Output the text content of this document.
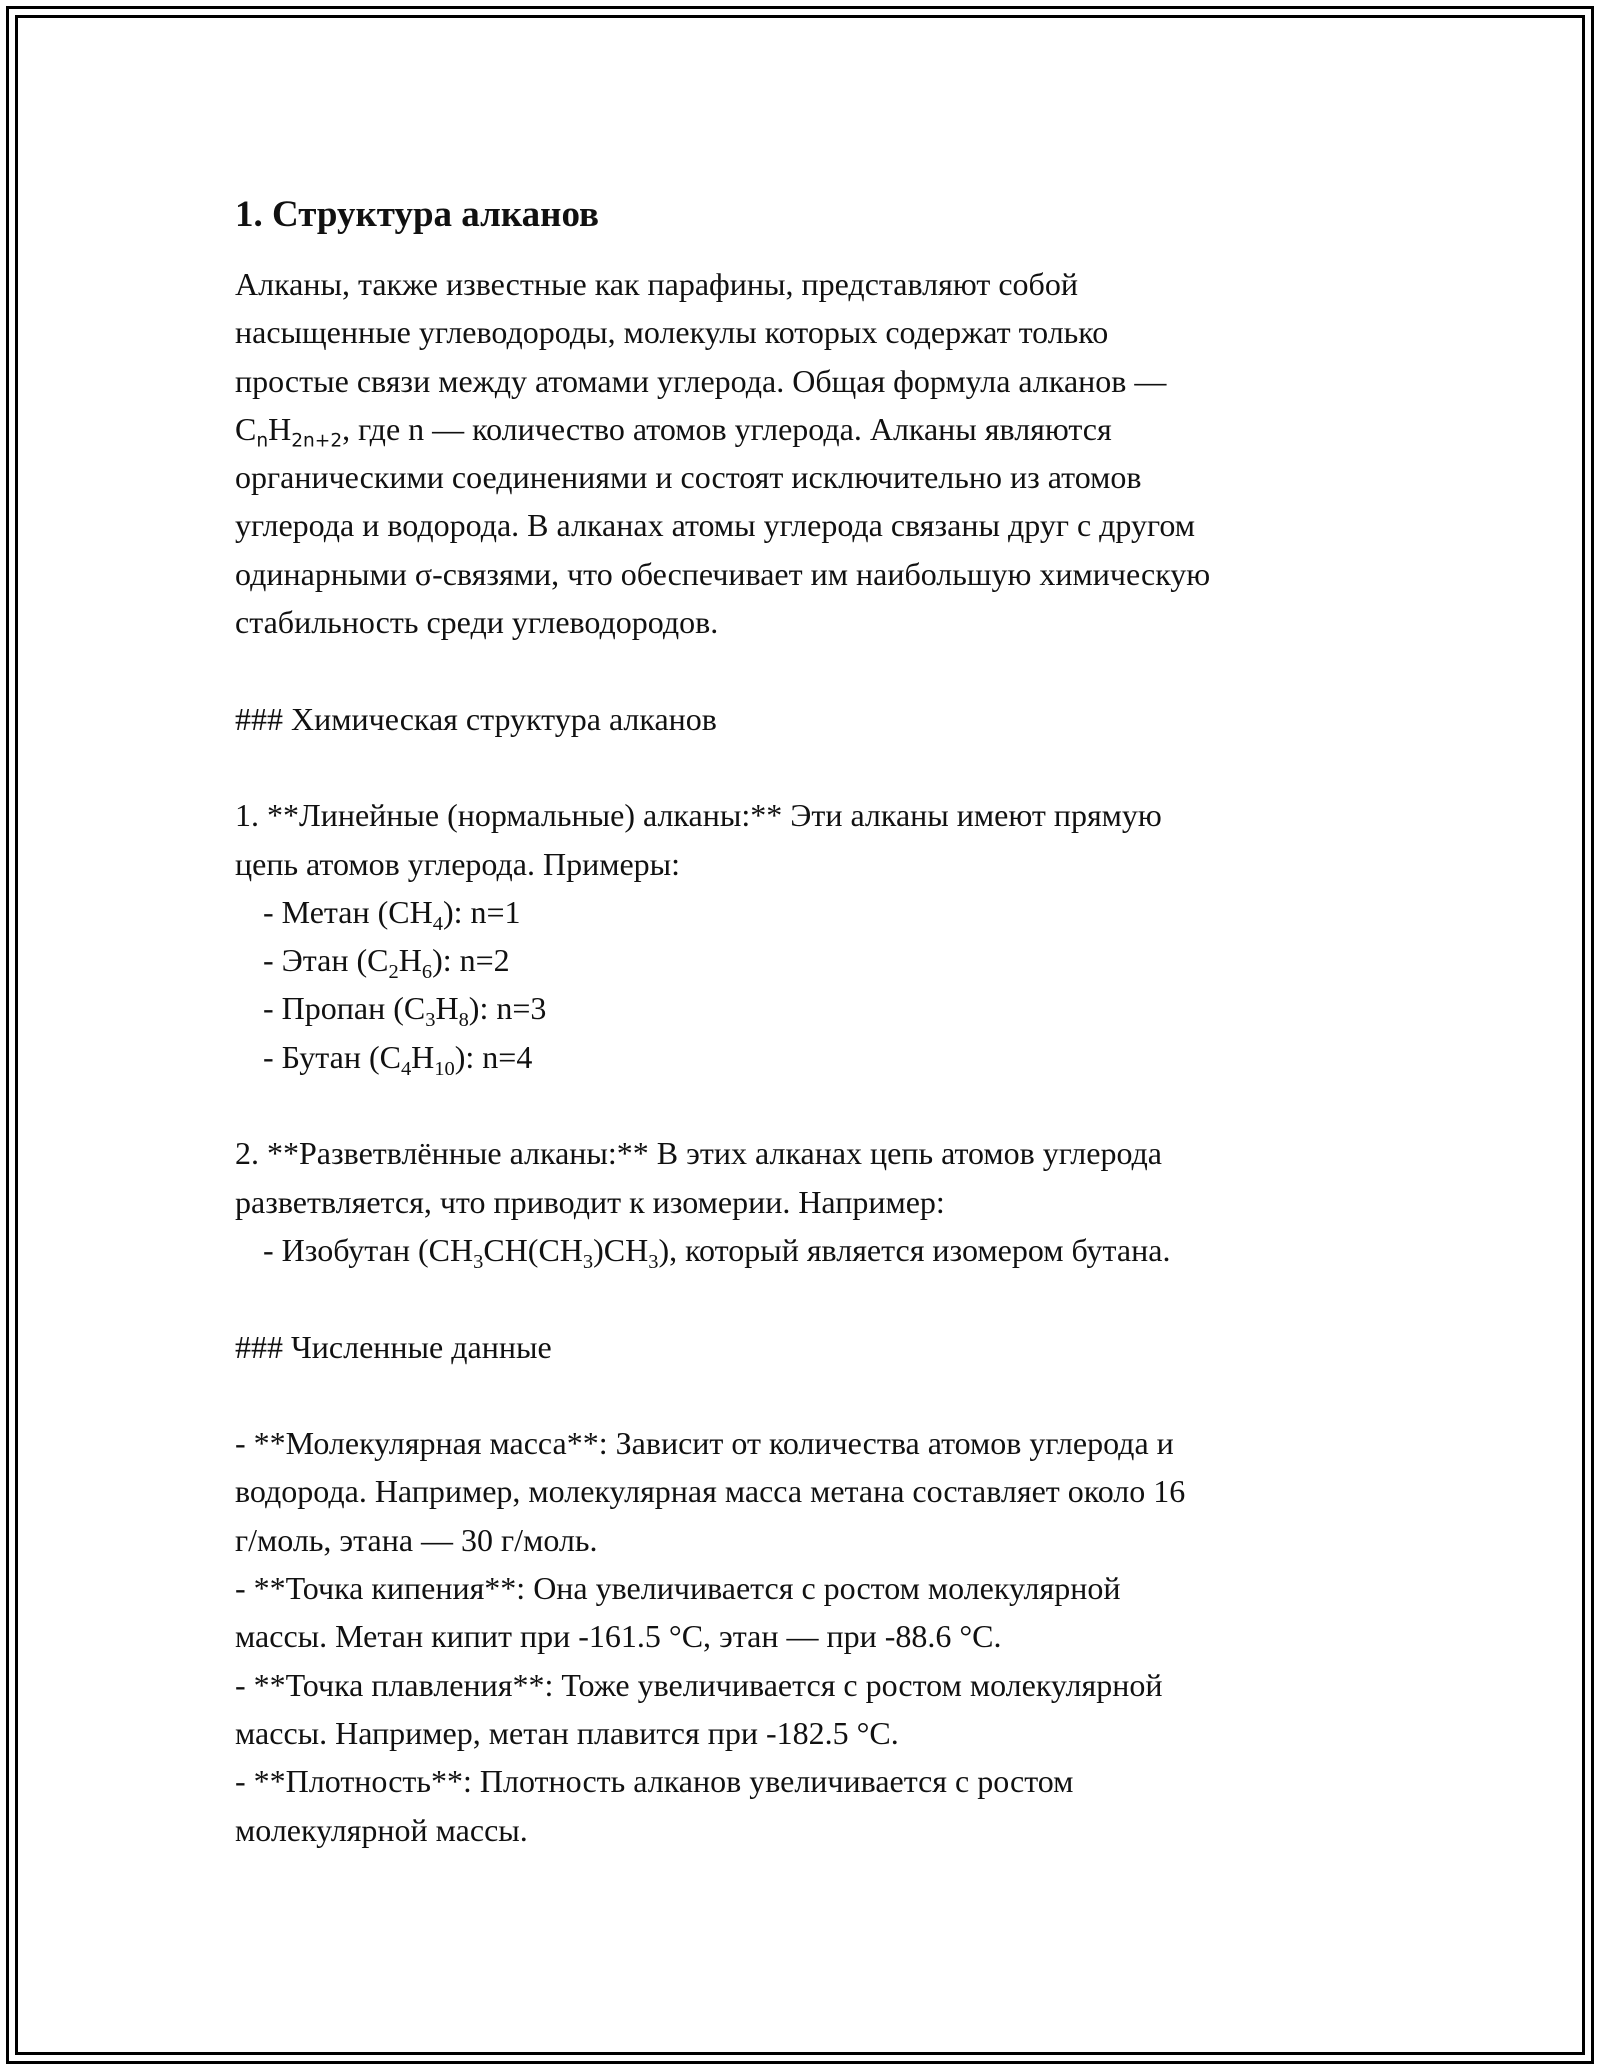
1. Структура алканов
Алканы, также известные как парафины, представляют собой
насыщенные углеводороды, молекулы которых содержат только
простые связи между атомами углерода. Общая формула алканов —
$C_nH_{2n+2}$, где n — количество атомов углерода. Алканы являются
органическими соединениями и состоят исключительно из атомов
углерода и водорода. В алканах атомы углерода связаны друг с другом
одинарными σ-связями, что обеспечивает им наибольшую химическую
стабильность среди углеводородов.
### Химическая структура алканов
1. **Линейные (нормальные) алканы:** Эти алканы имеют прямую
цепь атомов углерода. Примеры:
- Метан $(CH_4)$: n=1
- Этан $(C_2H_6)$: n=2
- Пропан $(C_3H_8)$: n=3
- Бутан $(C_4H_{10})$: n=4
2. **Разветвлённые алканы:** В этих алканах цепь атомов углерода
разветвляется, что приводит к изомерии. Например:
- Изобутан $(CH_3CH(CH_3)CH_3)$, который является изомером бутана.
### Численные данные
- **Молекулярная масса**: Зависит от количества атомов углерода и
водорода. Например, молекулярная масса метана составляет около 16
г/моль, этана — 30 г/моль.
- **Точка кипения**: Она увеличивается с ростом молекулярной
массы. Метан кипит при -161.5 °C, этан — при -88.6 °C.
- **Точка плавления**: Тоже увеличивается с ростом молекулярной
массы. Например, метан плавится при -182.5 °C.
- **Плотность**: Плотность алканов увеличивается с ростом
молекулярной массы.
